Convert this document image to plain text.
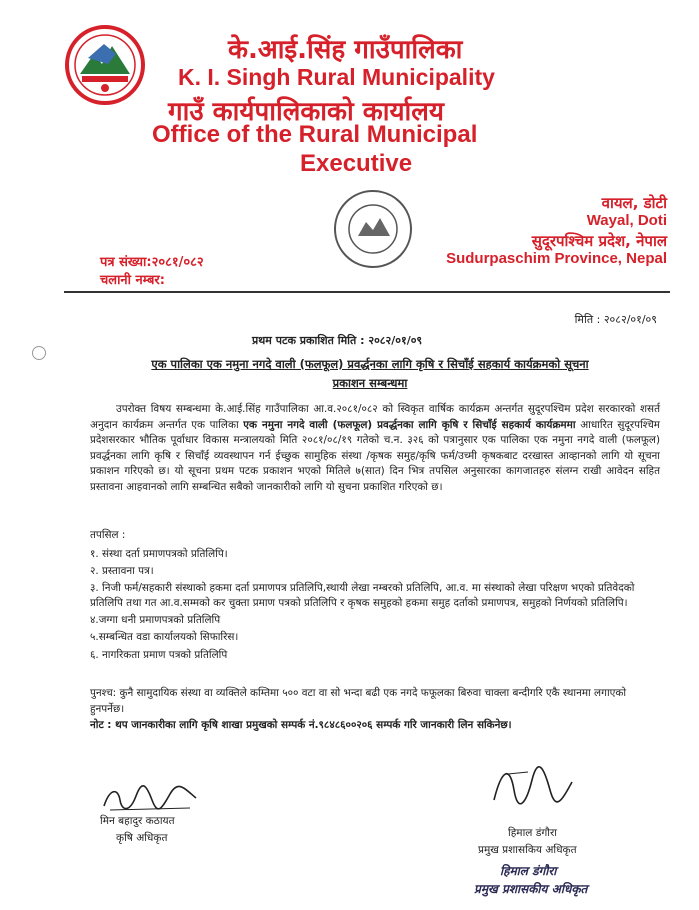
के.आई.सिंह गाउँपालिका
K. I. Singh Rural Municipality
गाउँ कार्यपालिकाको कार्यालय
Office of the Rural Municipal
Executive
वायल, डोटी
Wayal, Doti
सुदूरपश्चिम प्रदेश, नेपाल
Sudurpaschim Province, Nepal
पत्र संख्या:२०८१/०८२
चलानी नम्बर:
मिति : २०८२/०१/०९
प्रथम पटक प्रकाशित मिति : २०८२/०१/०९
एक पालिका एक नमुना नगदे वाली (फलफूल) प्रवर्द्धनका लागि कृषि र सिचाँई सहकार्य कार्यक्रमको सूचना
प्रकाशन सम्बन्धमा
उपरोक्त विषय सम्बन्धमा के.आई.सिंह गाउँपालिका आ.व.२०८१/०८२ को स्विकृत वार्षिक कार्यक्रम अन्तर्गत सुदूरपश्चिम प्रदेश सरकारको शसर्त अनुदान कार्यक्रम अन्तर्गत एक पालिका एक नमुना नगदे वाली (फलफूल) प्रवर्द्धनका लागि कृषि र सिचाँई सहकार्य कार्यक्रममा आधारित सुदूरपश्चिम प्रदेशसरकार भौतिक पूर्वाधार विकास मन्त्रालयको मिति २०८१/०८/१९ गतेको च.न. ३२६ को पत्रानुसार एक पालिका एक नमुना नगदे वाली (फलफूल) प्रवर्द्धनका लागि कृषि र सिचाँई व्यवस्थापन गर्न ईच्छुक सामुहिक संस्था /कृषक समुह/कृषि फर्म/उच्मी कृषकबाट दरखास्त आव्हानको लागि यो सूचना प्रकाशन गरिएको छ। यो सूचना प्रथम पटक प्रकाशन भएको मितिले ७(सात) दिन भित्र तपसिल अनुसारका कागजातहरु संलग्न राखी आवेदन सहित प्रस्तावना आहवानको लागि सम्बन्धित सबैको जानकारीको लागि यो सुचना प्रकाशित गरिएको छ।
तपसिल :
१. संस्था दर्ता प्रमाणपत्रको प्रतिलिपि।
२. प्रस्तावना पत्र।
३. निजी फर्म/सहकारी संस्थाको हकमा दर्ता प्रमाणपत्र प्रतिलिपि,स्थायी लेखा नम्बरको प्रतिलिपि, आ.व. मा संस्थाको लेखा परिक्षण भएको प्रतिवेदको प्रतिलिपि तथा गत आ.व.सम्मको कर चुक्ता प्रमाण पत्रको प्रतिलिपि र कृषक समुहको हकमा समुह दर्ताको प्रमाणपत्र, समुहको निर्णयको प्रतिलिपि।
४.जग्गा धनी प्रमाणपत्रको प्रतिलिपि
५.सम्बन्धित वडा कार्यालयको सिफारिस।
६. नागरिकता प्रमाण पत्रको प्रतिलिपि
पुनश्च: कुनै सामुदायिक संस्था वा व्यक्तिले कम्तिमा ५०० वटा वा सो भन्दा बढी एक नगदे फफूलका बिरुवा चाक्ला बन्दीगरि एकै स्थानमा लगाएको हुनपर्नेछ।
नोट : थप जानकारीका लागि कृषि शाखा प्रमुखको सम्पर्क नं.९८४८६००२०६ सम्पर्क गरि जानकारी लिन सकिनेछ।
मिन बहादुर कठायत
कृषि अधिकृत	हिमाल डंगौरा
प्रमुख प्रशासकिय अधिकृत
हिमाल डंगौरा
प्रमुख प्रशासकीय अधिकृत
